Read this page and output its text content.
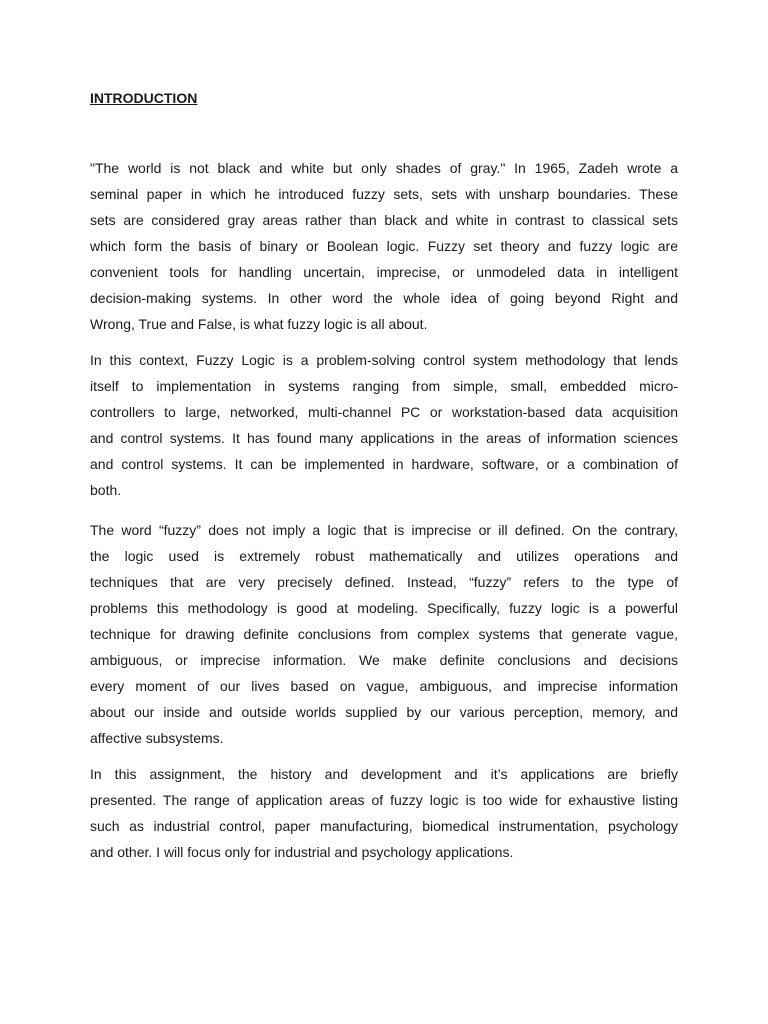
INTRODUCTION
"The world is not black and white but only shades of gray." In 1965, Zadeh wrote a
seminal paper in which he introduced fuzzy sets, sets with unsharp boundaries. These
sets are considered gray areas rather than black and white in contrast to classical sets
which form the basis of binary or Boolean logic. Fuzzy set theory and fuzzy logic are
convenient tools for handling uncertain, imprecise, or unmodeled data in intelligent
decision-making systems. In other word the whole idea of going beyond Right and
Wrong, True and False, is what fuzzy logic is all about.
In this context, Fuzzy Logic is a problem-solving control system methodology that lends
itself to implementation in systems ranging from simple, small, embedded micro-
controllers to large, networked, multi-channel PC or workstation-based data acquisition
and control systems. It has found many applications in the areas of information sciences
and control systems. It can be implemented in hardware, software, or a combination of
both.
The word “fuzzy” does not imply a logic that is imprecise or ill defined. On the contrary,
the logic used is extremely robust mathematically and utilizes operations and
techniques that are very precisely defined. Instead, “fuzzy” refers to the type of
problems this methodology is good at modeling. Specifically, fuzzy logic is a powerful
technique for drawing definite conclusions from complex systems that generate vague,
ambiguous, or imprecise information. We make definite conclusions and decisions
every moment of our lives based on vague, ambiguous, and imprecise information
about our inside and outside worlds supplied by our various perception, memory, and
affective subsystems.
In this assignment, the history and development and it’s applications are briefly
presented. The range of application areas of fuzzy logic is too wide for exhaustive listing
such as industrial control, paper manufacturing, biomedical instrumentation, psychology
and other. I will focus only for industrial and psychology applications.
